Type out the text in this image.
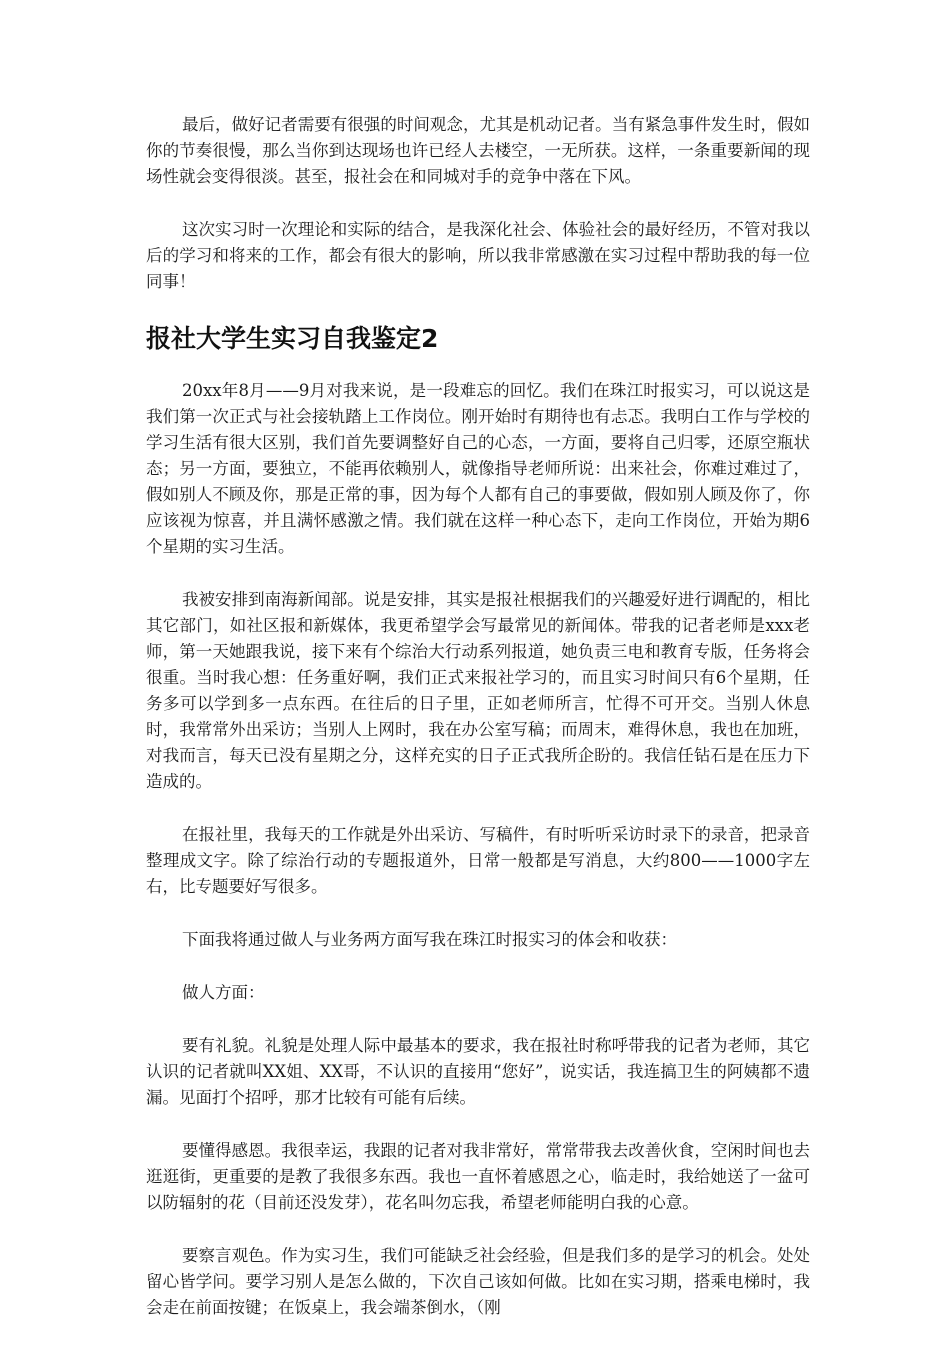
最后，做好记者需要有很强的时间观念，尤其是机动记者。当有紧急事件发生时，假如你的节奏很慢，那么当你到达现场也许已经人去楼空，一无所获。这样，一条重要新闻的现场性就会变得很淡。甚至，报社会在和同城对手的竞争中落在下风。

这次实习时一次理论和实际的结合，是我深化社会、体验社会的最好经历，不管对我以后的学习和将来的工作，都会有很大的影响，所以我非常感激在实习过程中帮助我的每一位同事！

报社大学生实习自我鉴定2

20xx年8月——9月对我来说，是一段难忘的回忆。我们在珠江时报实习，可以说这是我们第一次正式与社会接轨踏上工作岗位。刚开始时有期待也有忐忑。我明白工作与学校的学习生活有很大区别，我们首先要调整好自己的心态，一方面，要将自己归零，还原空瓶状态；另一方面，要独立，不能再依赖别人，就像指导老师所说：出来社会，你难过难过了，假如别人不顾及你，那是正常的事，因为每个人都有自己的事要做，假如别人顾及你了，你应该视为惊喜，并且满怀感激之情。我们就在这样一种心态下，走向工作岗位，开始为期6个星期的实习生活。

我被安排到南海新闻部。说是安排，其实是报社根据我们的兴趣爱好进行调配的，相比其它部门，如社区报和新媒体，我更希望学会写最常见的新闻体。带我的记者老师是xxx老师，第一天她跟我说，接下来有个综治大行动系列报道，她负责三电和教育专版，任务将会很重。当时我心想：任务重好啊，我们正式来报社学习的，而且实习时间只有6个星期，任务多可以学到多一点东西。在往后的日子里，正如老师所言，忙得不可开交。当别人休息时，我常常外出采访；当别人上网时，我在办公室写稿；而周末，难得休息，我也在加班，对我而言，每天已没有星期之分，这样充实的日子正式我所企盼的。我信任钻石是在压力下造成的。

在报社里，我每天的工作就是外出采访、写稿件，有时听听采访时录下的录音，把录音整理成文字。除了综治行动的专题报道外，日常一般都是写消息，大约800——1000字左右，比专题要好写很多。

下面我将通过做人与业务两方面写我在珠江时报实习的体会和收获：

做人方面：

要有礼貌。礼貌是处理人际中最基本的要求，我在报社时称呼带我的记者为老师，其它认识的记者就叫XX姐、XX哥，不认识的直接用“您好”，说实话，我连搞卫生的阿姨都不遗漏。见面打个招呼，那才比较有可能有后续。

要懂得感恩。我很幸运，我跟的记者对我非常好，常常带我去改善伙食，空闲时间也去逛逛街，更重要的是教了我很多东西。我也一直怀着感恩之心，临走时，我给她送了一盆可以防辐射的花（目前还没发芽），花名叫勿忘我，希望老师能明白我的心意。

要察言观色。作为实习生，我们可能缺乏社会经验，但是我们多的是学习的机会。处处留心皆学问。要学习别人是怎么做的，下次自己该如何做。比如在实习期，搭乘电梯时，我会走在前面按键；在饭桌上，我会端茶倒水，（刚
